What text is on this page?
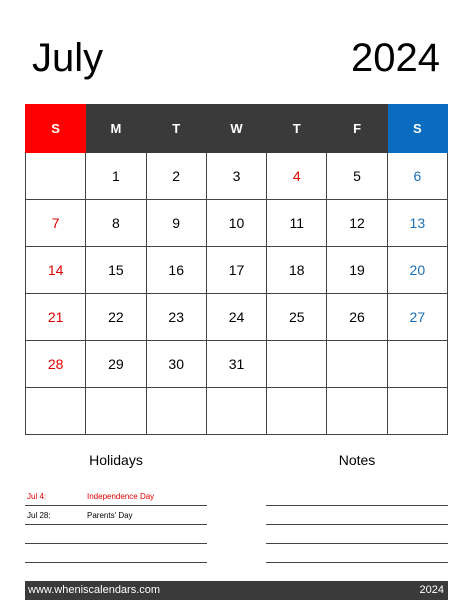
July	2024
S	M	T	W	T	F	S
	1	2	3	4	5	6
7	8	9	10	11	12	13
14	15	16	17	18	19	20
21	22	23	24	25	26	27
28	29	30	31			

Holidays	Notes
Jul 4:	Independence Day
Jul 28:	Parents' Day
www.wheniscalendars.com	2024
